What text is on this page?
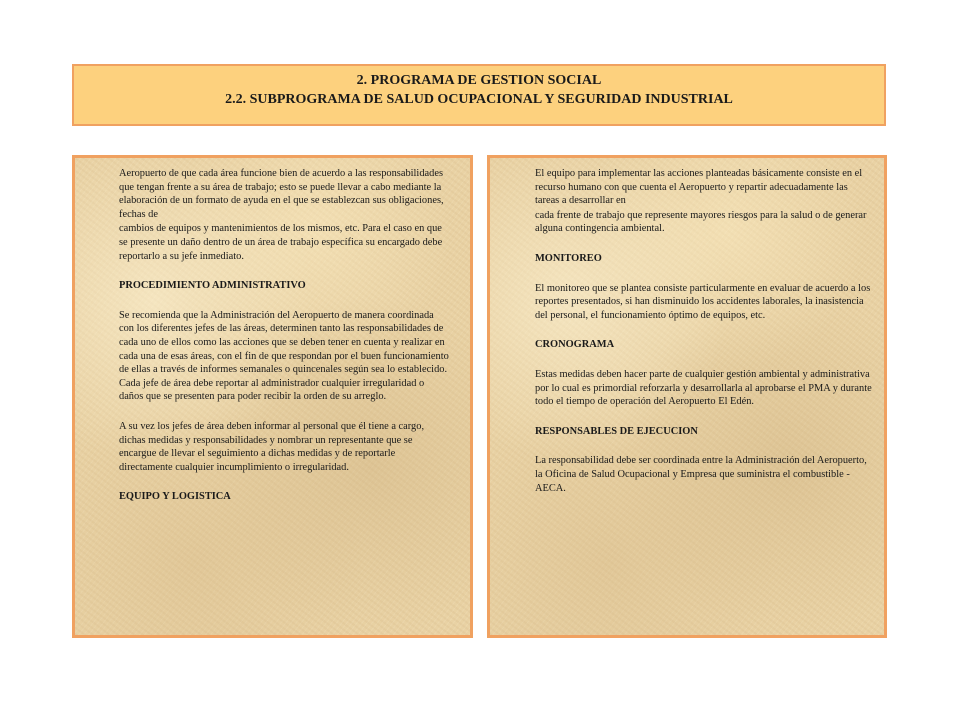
2. PROGRAMA DE GESTION SOCIAL
2.2. SUBPROGRAMA DE SALUD OCUPACIONAL Y SEGURIDAD INDUSTRIAL

Aeropuerto de que cada área funcione bien de acuerdo a las responsabilidades que tengan frente a su área de trabajo; esto se puede llevar a cabo mediante la elaboración de un formato de ayuda en el que se establezcan sus obligaciones, fechas de

cambios de equipos y mantenimientos de los mismos, etc. Para el caso en que se presente un daño dentro de un área de trabajo específica su encargado debe reportarlo a su jefe inmediato.

PROCEDIMIENTO ADMINISTRATIVO

Se recomienda que la Administración del Aeropuerto de manera coordinada con los diferentes jefes de las áreas, determinen tanto las responsabilidades de cada uno de ellos como las acciones que se deben tener en cuenta y realizar en cada una de esas áreas, con el fin de que respondan por el buen funcionamiento de ellas a través de informes semanales o quincenales según sea lo establecido. Cada jefe de área debe reportar al administrador cualquier irregularidad o daños que se presenten para poder recibir la orden de su arreglo.

A su vez los jefes de área deben informar al personal que él tiene a cargo, dichas medidas y responsabilidades y nombrar un representante que se encargue de llevar el seguimiento a dichas medidas y de reportarle directamente cualquier incumplimiento o irregularidad.

EQUIPO Y LOGISTICA

El equipo para implementar las acciones planteadas básicamente consiste en el recurso humano con que cuenta el Aeropuerto y repartir adecuadamente las tareas a desarrollar en

cada frente de trabajo que represente mayores riesgos para la salud o de generar alguna contingencia ambiental.

MONITOREO

El monitoreo que se plantea consiste particularmente en evaluar de acuerdo a los reportes presentados, si han disminuido los accidentes laborales, la inasistencia del personal, el funcionamiento óptimo de equipos, etc.

CRONOGRAMA

Estas medidas deben hacer parte de cualquier gestión ambiental y administrativa por lo cual es primordial reforzarla y desarrollarla al aprobarse el PMA y durante todo el tiempo de operación del Aeropuerto El Edén.

RESPONSABLES DE EJECUCION

La responsabilidad debe ser coordinada entre la Administración del Aeropuerto, la Oficina de Salud Ocupacional y Empresa que suministra el combustible - AECA.
